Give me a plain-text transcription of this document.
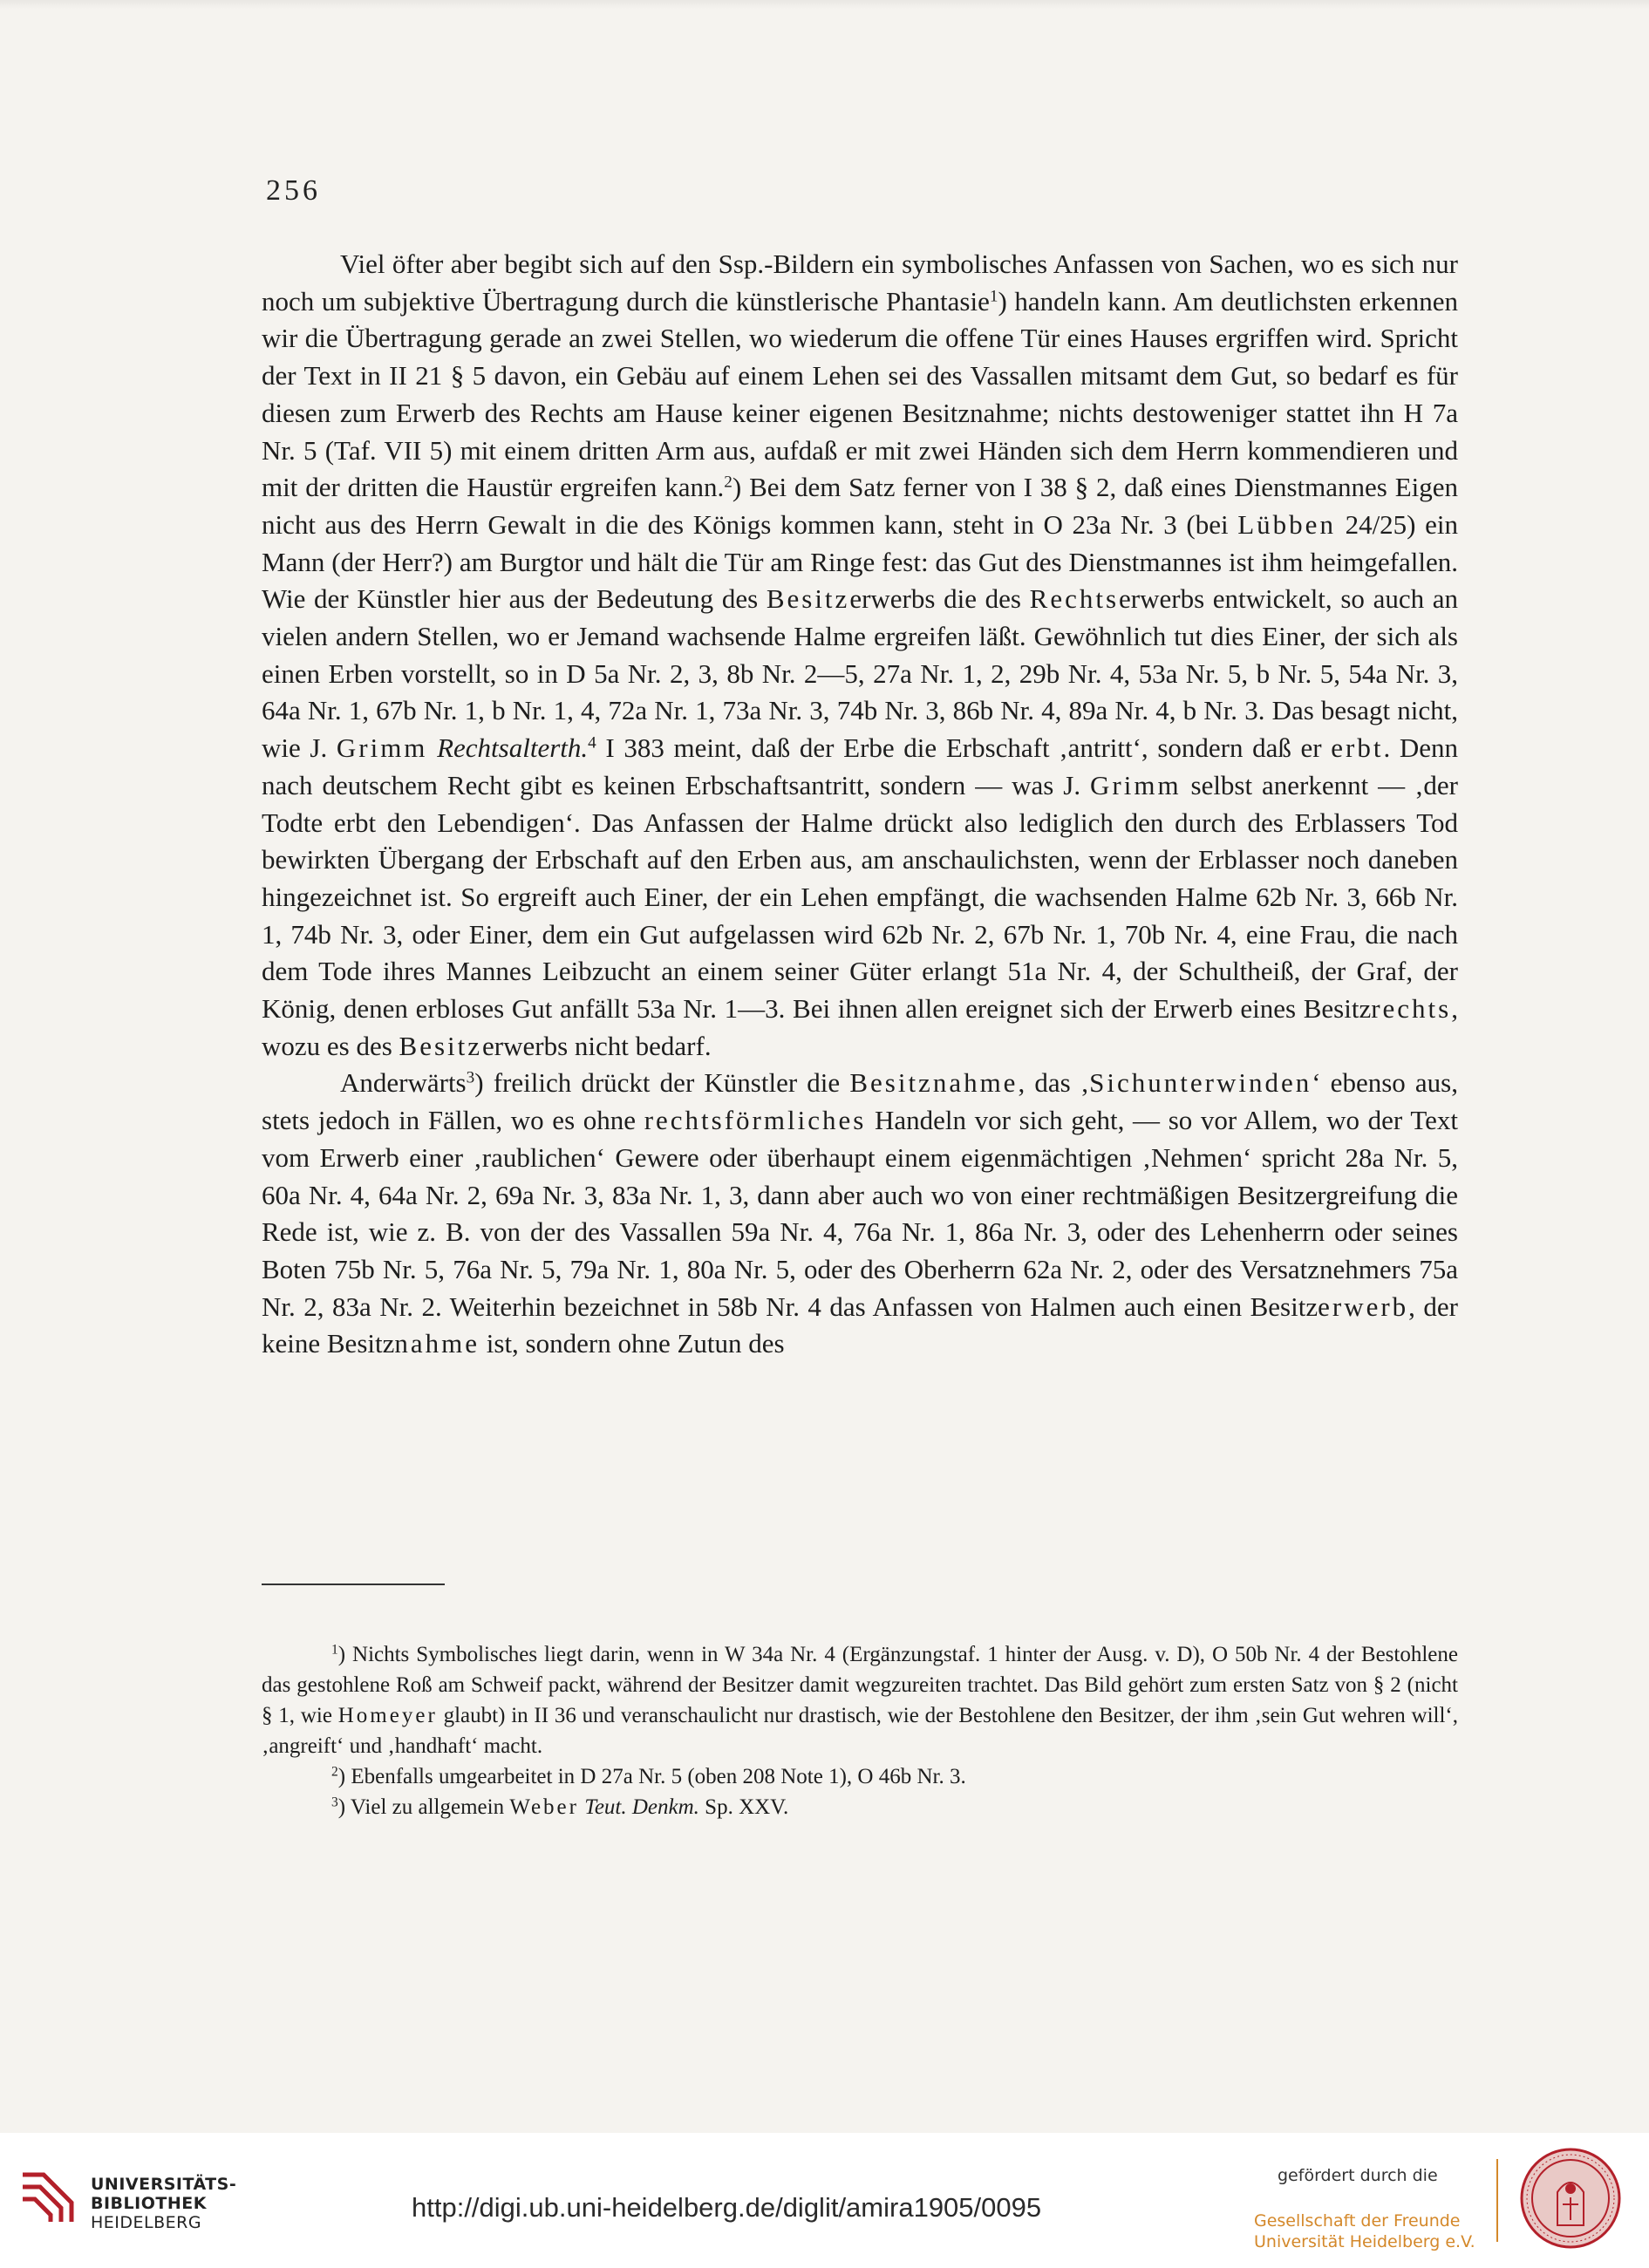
256

Viel öfter aber begibt sich auf den Ssp.-Bildern ein symbolisches Anfassen von Sachen, wo es sich nur noch um subjektive Übertragung durch die künstlerische Phantasie$^1$) handeln kann. Am deutlichsten erkennen wir die Übertragung gerade an zwei Stellen, wo wiederum die offene Tür eines Hauses ergriffen wird. Spricht der Text in II 21 § 5 davon, ein Gebäu auf einem Lehen sei des Vassallen mitsamt dem Gut, so bedarf es für diesen zum Erwerb des Rechts am Hause keiner eigenen Besitznahme; nichts destoweniger stattet ihn H 7a Nr. 5 (Taf. VII 5) mit einem dritten Arm aus, aufdaß er mit zwei Händen sich dem Herrn kommendieren und mit der dritten die Haustür ergreifen kann.$^2$) Bei dem Satz ferner von I 38 § 2, daß eines Dienstmannes Eigen nicht aus des Herrn Gewalt in die des Königs kommen kann, steht in O 23a Nr. 3 (bei Lübben 24/25) ein Mann (der Herr?) am Burgtor und hält die Tür am Ringe fest: das Gut des Dienstmannes ist ihm heimgefallen. Wie der Künstler hier aus der Bedeutung des Besitzerwerbs die des Rechtserwerbs entwickelt, so auch an vielen andern Stellen, wo er Jemand wachsende Halme ergreifen läßt. Gewöhnlich tut dies Einer, der sich als einen Erben vorstellt, so in D 5a Nr. 2, 3, 8b Nr. 2—5, 27a Nr. 1, 2, 29b Nr. 4, 53a Nr. 5, b Nr. 5, 54a Nr. 3, 64a Nr. 1, 67b Nr. 1, b Nr. 1, 4, 72a Nr. 1, 73a Nr. 3, 74b Nr. 3, 86b Nr. 4, 89a Nr. 4, b Nr. 3. Das besagt nicht, wie J. Grimm Rechtsalterth.$^4$ I 383 meint, daß der Erbe die Erbschaft ‚antritt‘, sondern daß er erbt. Denn nach deutschem Recht gibt es keinen Erbschaftsantritt, sondern — was J. Grimm selbst anerkennt — ‚der Todte erbt den Lebendigen‘. Das Anfassen der Halme drückt also lediglich den durch des Erblassers Tod bewirkten Übergang der Erbschaft auf den Erben aus, am anschaulichsten, wenn der Erblasser noch daneben hingezeichnet ist. So ergreift auch Einer, der ein Lehen empfängt, die wachsenden Halme 62b Nr. 3, 66b Nr. 1, 74b Nr. 3, oder Einer, dem ein Gut aufgelassen wird 62b Nr. 2, 67b Nr. 1, 70b Nr. 4, eine Frau, die nach dem Tode ihres Mannes Leibzucht an einem seiner Güter erlangt 51a Nr. 4, der Schultheiß, der Graf, der König, denen erbloses Gut anfällt 53a Nr. 1—3. Bei ihnen allen ereignet sich der Erwerb eines Besitzrechts, wozu es des Besitzerwerbs nicht bedarf.

Anderwärts$^3$) freilich drückt der Künstler die Besitznahme, das ‚Sichunterwinden‘ ebenso aus, stets jedoch in Fällen, wo es ohne rechtsförmliches Handeln vor sich geht, — so vor Allem, wo der Text vom Erwerb einer ‚raublichen‘ Gewere oder überhaupt einem eigenmächtigen ‚Nehmen‘ spricht 28a Nr. 5, 60a Nr. 4, 64a Nr. 2, 69a Nr. 3, 83a Nr. 1, 3, dann aber auch wo von einer rechtmäßigen Besitzergreifung die Rede ist, wie z. B. von der des Vassallen 59a Nr. 4, 76a Nr. 1, 86a Nr. 3, oder des Lehenherrn oder seines Boten 75b Nr. 5, 76a Nr. 5, 79a Nr. 1, 80a Nr. 5, oder des Oberherrn 62a Nr. 2, oder des Versatznehmers 75a Nr. 2, 83a Nr. 2. Weiterhin bezeichnet in 58b Nr. 4 das Anfassen von Halmen auch einen Besitzerwerb, der keine Besitznahme ist, sondern ohne Zutun des

$^1$) Nichts Symbolisches liegt darin, wenn in W 34a Nr. 4 (Ergänzungstaf. 1 hinter der Ausg. v. D), O 50b Nr. 4 der Bestohlene das gestohlene Roß am Schweif packt, während der Besitzer damit wegzureiten trachtet. Das Bild gehört zum ersten Satz von § 2 (nicht § 1, wie Homeyer glaubt) in II 36 und veranschaulicht nur drastisch, wie der Bestohlene den Besitzer, der ihm ‚sein Gut wehren will‘, ‚angreift‘ und ‚handhaft‘ macht.

$^2$) Ebenfalls umgearbeitet in D 27a Nr. 5 (oben 208 Note 1), O 46b Nr. 3.

$^3$) Viel zu allgemein Weber Teut. Denkm. Sp. XXV.

UNIVERSITÄTS-
BIBLIOTHEK
HEIDELBERG	http://digi.ub.uni-heidelberg.de/diglit/amira1905/0095
gefördert durch die
Gesellschaft der Freunde
Universität Heidelberg e.V.
